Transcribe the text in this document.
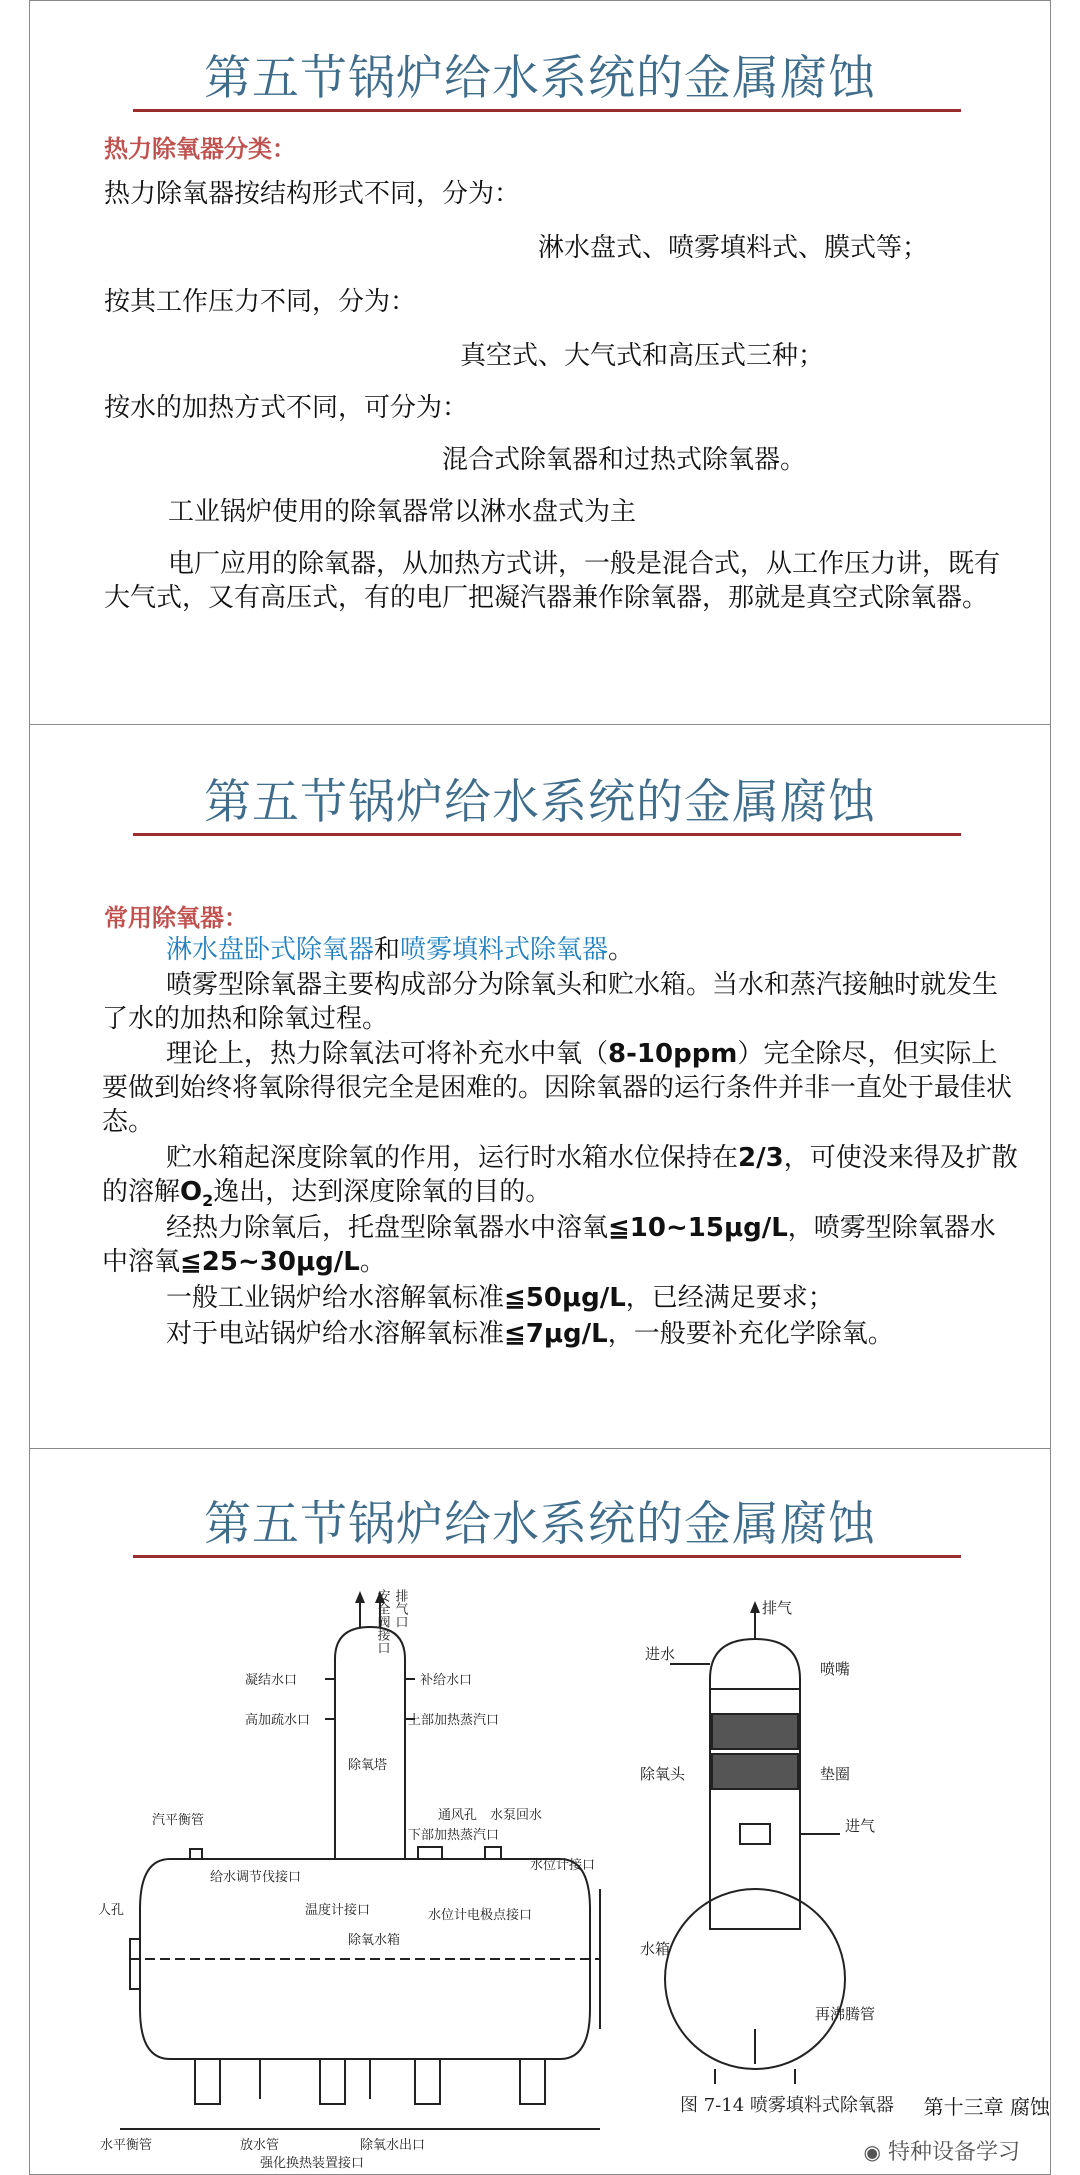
第五节锅炉给水系统的金属腐蚀
热力除氧器分类：
热力除氧器按结构形式不同，分为：
淋水盘式、喷雾填料式、膜式等；
按其工作压力不同，分为：
真空式、大气式和高压式三种；
按水的加热方式不同，可分为：
混合式除氧器和过热式除氧器。
工业锅炉使用的除氧器常以淋水盘式为主
电厂应用的除氧器，从加热方式讲，一般是混合式，从工作压力讲，既有大气式，又有高压式，有的电厂把凝汽器兼作除氧器，那就是真空式除氧器。
第五节锅炉给水系统的金属腐蚀
常用除氧器：
淋水盘卧式除氧器和喷雾填料式除氧器。
喷雾型除氧器主要构成部分为除氧头和贮水箱。当水和蒸汽接触时就发生了水的加热和除氧过程。
理论上，热力除氧法可将补充水中氧（8-10ppm）完全除尽，但实际上要做到始终将氧除得很完全是困难的。因除氧器的运行条件并非一直处于最佳状态。
贮水箱起深度除氧的作用，运行时水箱水位保持在2/3，可使没来得及扩散的溶解$O_2$逸出，达到深度除氧的目的。
经热力除氧后，托盘型除氧器水中溶氧≦10~15μg/L，喷雾型除氧器水中溶氧≦25~30μg/L。
一般工业锅炉给水溶解氧标准≦50μg/L，已经满足要求；
对于电站锅炉给水溶解氧标准≦7μg/L，一般要补充化学除氧。
第五节锅炉给水系统的金属腐蚀
安全阀接口 排气口
凝结水口	补给水口
高加疏水口	上部加热蒸汽口
除氧塔
汽平衡管	通风孔 水泵回水
下部加热蒸汽口
水位计接口
给水调节伐接口
人孔	温度计接口
除氧水箱
水位计电极点接口
水平衡管	放水管	除氧水出口
强化换热装置接口
排气
进水
喷嘴
除氧头	垫圈
进气
水箱
再沸腾管
图 7-14 喷雾填料式除氧器 第十三章 腐蚀
◉ 特种设备学习
